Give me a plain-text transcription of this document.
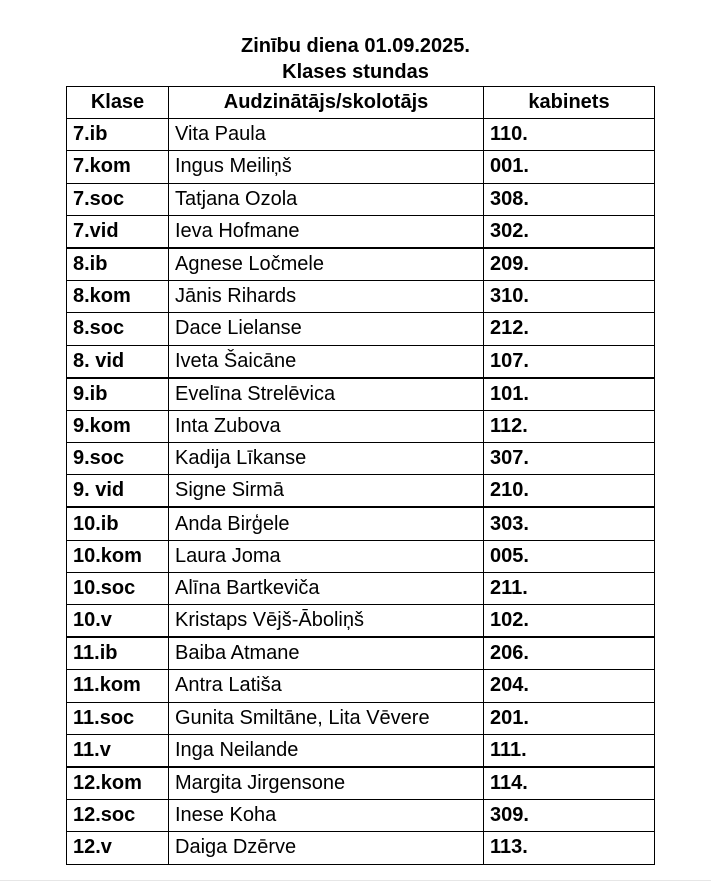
Zinību diena 01.09.2025.
Klases stundas
Klase	Audzinātājs/skolotājs	kabinets
7.ib	Vita Paula	110.
7.kom	Ingus Meiliņš	001.
7.soc	Tatjana Ozola	308.
7.vid	Ieva Hofmane	302.
8.ib	Agnese Ločmele	209.
8.kom	Jānis Rihards	310.
8.soc	Dace Lielanse	212.
8. vid	Iveta Šaicāne	107.
9.ib	Evelīna Strelēvica	101.
9.kom	Inta Zubova	112.
9.soc	Kadija Līkanse	307.
9. vid	Signe Sirmā	210.
10.ib	Anda Birģele	303.
10.kom	Laura Joma	005.
10.soc	Alīna Bartkeviča	211.
10.v	Kristaps Vējš-Āboliņš	102.
11.ib	Baiba Atmane	206.
11.kom	Antra Latiša	204.
11.soc	Gunita Smiltāne, Lita Vēvere	201.
11.v	Inga Neilande	111.
12.kom	Margita Jirgensone	114.
12.soc	Inese Koha	309.
12.v	Daiga Dzērve	113.
